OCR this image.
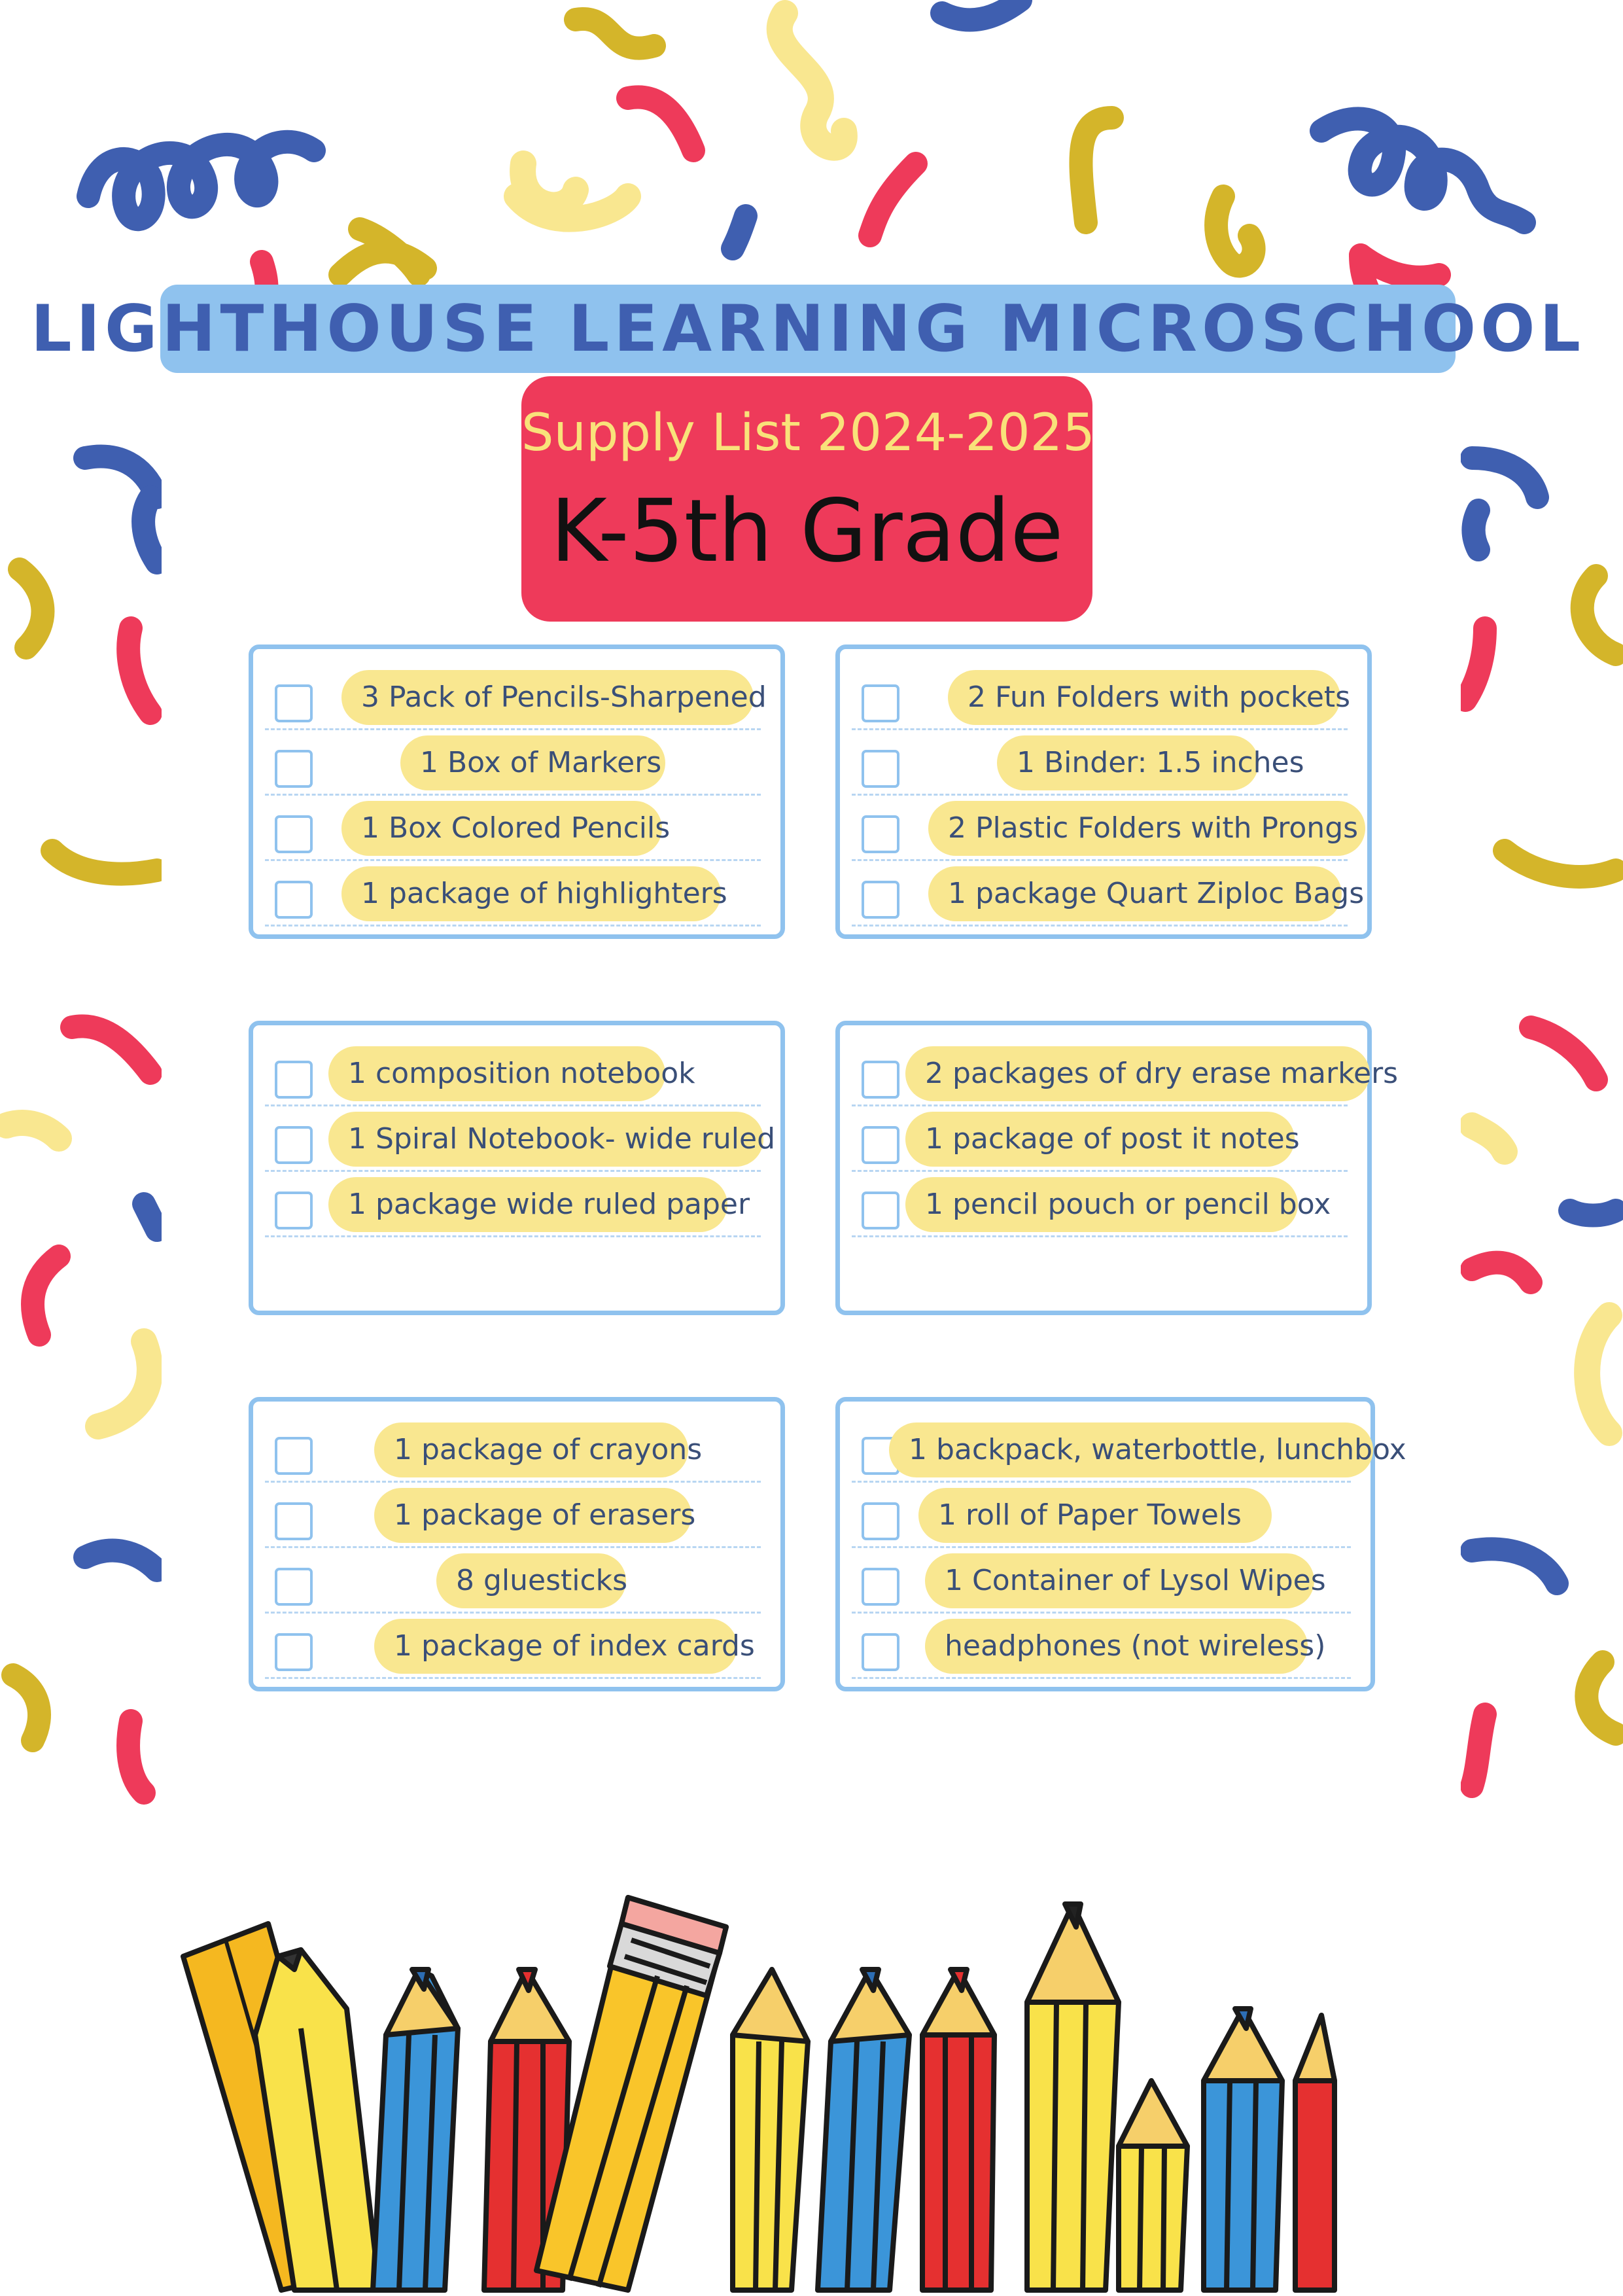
LIGHTHOUSE LEARNING MICROSCHOOL
Supply List 2024-2025
K-5th Grade
3 Pack of Pencils-Sharpened
1 Box of Markers
1 Box Colored Pencils
1 package of highlighters
2 Fun Folders with pockets
1 Binder: 1.5 inches
2 Plastic Folders with Prongs
1 package Quart Ziploc Bags
1 composition notebook
1 Spiral Notebook- wide ruled
1 package wide ruled paper
2 packages of dry erase markers
1 package of post it notes
1 pencil pouch or pencil box
1 package of crayons
1 package of erasers
8 gluesticks
1 package of index cards
1 backpack, waterbottle, lunchbox
1 roll of Paper Towels
1 Container of Lysol Wipes
headphones (not wireless)
